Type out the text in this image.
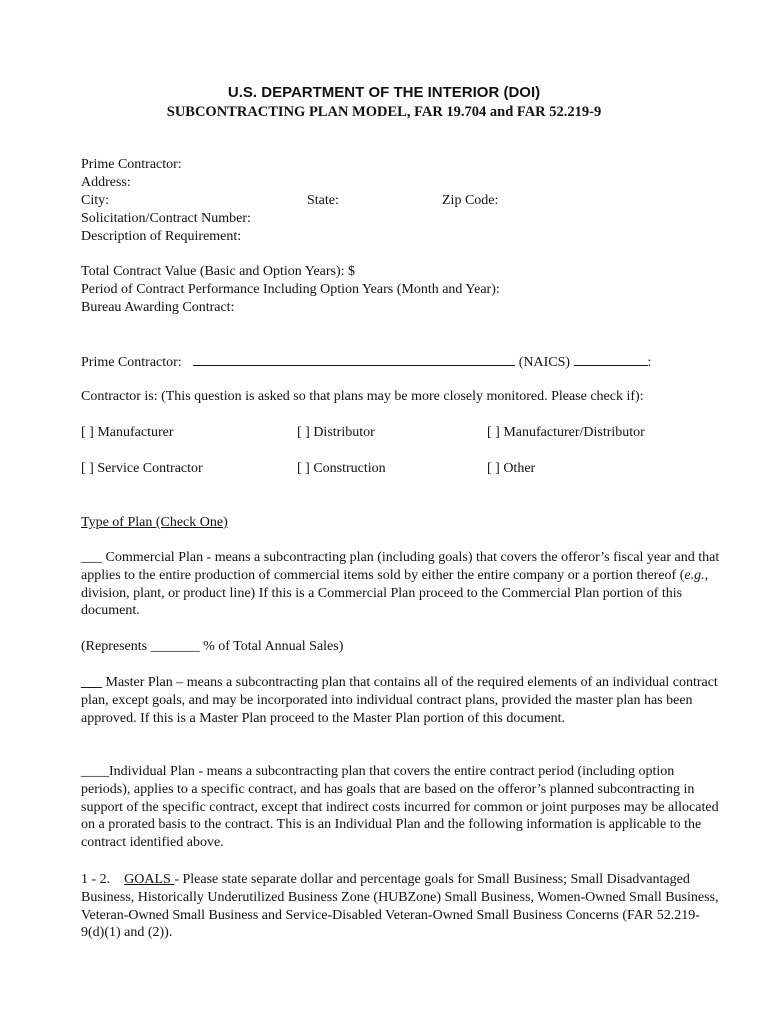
U.S. DEPARTMENT OF THE INTERIOR (DOI)
SUBCONTRACTING PLAN MODEL, FAR 19.704 and FAR 52.219-9
Prime Contractor:
Address:
City:	State:	Zip Code:
Solicitation/Contract Number:
Description of Requirement:
Total Contract Value (Basic and Option Years): $
Period of Contract Performance Including Option Years (Month and Year):
Bureau Awarding Contract:
Prime Contractor:	(NAICS)	:
Contractor is: (This question is asked so that plans may be more closely monitored. Please check if):
[ ] Manufacturer	[ ] Distributor	[ ] Manufacturer/Distributor
[ ] Service Contractor	[ ] Construction	[ ] Other
Type of Plan (Check One)
___ Commercial Plan - means a subcontracting plan (including goals) that covers the offeror’s fiscal year and that applies to the entire production of commercial items sold by either the entire company or a portion thereof (e.g., division, plant, or product line) If this is a Commercial Plan proceed to the Commercial Plan portion of this document.
(Represents _______ % of Total Annual Sales)
___ Master Plan – means a subcontracting plan that contains all of the required elements of an individual contract plan, except goals, and may be incorporated into individual contract plans, provided the master plan has been approved. If this is a Master Plan proceed to the Master Plan portion of this document.
____Individual Plan - means a subcontracting plan that covers the entire contract period (including option periods), applies to a specific contract, and has goals that are based on the offeror’s planned subcontracting in support of the specific contract, except that indirect costs incurred for common or joint purposes may be allocated on a prorated basis to the contract. This is an Individual Plan and the following information is applicable to the contract identified above.
1 - 2. GOALS - Please state separate dollar and percentage goals for Small Business; Small Disadvantaged Business, Historically Underutilized Business Zone (HUBZone) Small Business, Women-Owned Small Business, Veteran-Owned Small Business and Service-Disabled Veteran-Owned Small Business Concerns (FAR 52.219-9(d)(1) and (2)).
